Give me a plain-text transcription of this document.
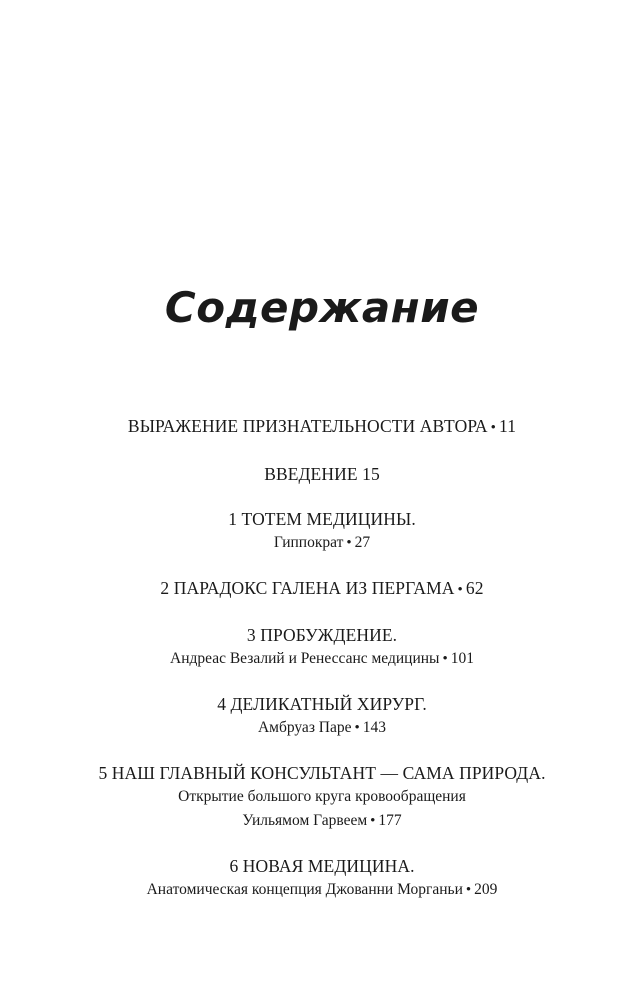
Содержание
ВЫРАЖЕНИЕ ПРИЗНАТЕЛЬНОСТИ АВТОРА • 11
ВВЕДЕНИЕ 15
1 ТОТЕМ МЕДИЦИНЫ.
Гиппократ • 27
2 ПАРАДОКС ГАЛЕНА ИЗ ПЕРГАМА • 62
3 ПРОБУЖДЕНИЕ.
Андреас Везалий и Ренессанс медицины • 101
4 ДЕЛИКАТНЫЙ ХИРУРГ.
Амбруаз Паре • 143
5 НАШ ГЛАВНЫЙ КОНСУЛЬТАНТ — САМА ПРИРОДА.
Открытие большого круга кровообращения
Уильямом Гарвеем • 177
6 НОВАЯ МЕДИЦИНА.
Анатомическая концепция Джованни Морганьи • 209
